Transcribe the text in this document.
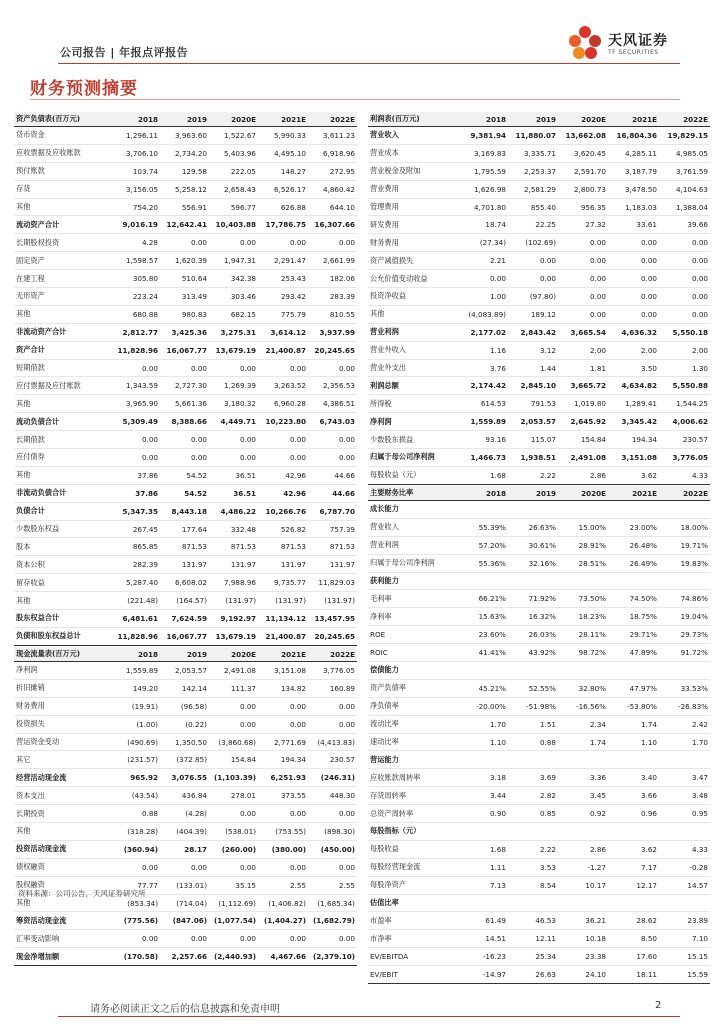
公司报告 | 年报点评报告
天风证券
TF SECURITIES
财务预测摘要
资产负债表(百万元)	2018	2019	2020E	2021E	2022E
货币资金	1,296.11	3,963.60	1,522.67	5,990.33	3,611.23
应收票据及应收账款	3,706.10	2,734.20	5,403.96	4,495.10	6,918.96
预付账款	103.74	129.58	222.05	148.27	272.95
存货	3,156.05	5,258.12	2,658.43	6,526.17	4,860.42
其他	754.20	556.91	596.77	626.88	644.10
流动资产合计	9,016.19	12,642.41	10,403.88	17,786.75	16,307.66
长期股权投资	4.28	0.00	0.00	0.00	0.00
固定资产	1,598.57	1,620.39	1,947.31	2,291.47	2,661.99
在建工程	305.80	510.64	342.38	253.43	182.06
无形资产	223.24	313.49	303.46	293.42	283.39
其他	680.88	980.83	682.15	775.79	810.55
非流动资产合计	2,812.77	3,425.36	3,275.31	3,614.12	3,937.99
资产合计	11,828.96	16,067.77	13,679.19	21,400.87	20,245.65
短期借款	0.00	0.00	0.00	0.00	0.00
应付票据及应付账款	1,343.59	2,727.30	1,269.39	3,263.52	2,356.53
其他	3,965.90	5,661.36	3,180.32	6,960.28	4,386.51
流动负债合计	5,309.49	8,388.66	4,449.71	10,223.80	6,743.03
长期借款	0.00	0.00	0.00	0.00	0.00
应付债券	0.00	0.00	0.00	0.00	0.00
其他	37.86	54.52	36.51	42.96	44.66
非流动负债合计	37.86	54.52	36.51	42.96	44.66
负债合计	5,347.35	8,443.18	4,486.22	10,266.76	6,787.70
少数股东权益	267.45	177.64	332.48	526.82	757.39
股本	865.85	871.53	871.53	871.53	871.53
资本公积	282.39	131.97	131.97	131.97	131.97
留存收益	5,287.40	6,608.02	7,988.96	9,735.77	11,829.03
其他	(221.48)	(164.57)	(131.97)	(131.97)	(131.97)
股东权益合计	6,481.61	7,624.59	9,192.97	11,134.12	13,457.95
负债和股东权益总计	11,828.96	16,067.77	13,679.19	21,400.87	20,245.65
利润表(百万元)	2018	2019	2020E	2021E	2022E
营业收入	9,381.94	11,880.07	13,662.08	16,804.36	19,829.15
营业成本	3,169.83	3,335.71	3,620.45	4,285.11	4,985.05
营业税金及附加	1,795.59	2,253.37	2,591.70	3,187.79	3,761.59
营业费用	1,626.98	2,581.29	2,800.73	3,478.50	4,104.63
管理费用	4,701.80	855.40	956.35	1,183.03	1,388.04
研发费用	18.74	22.25	27.32	33.61	39.66
财务费用	(27.34)	(102.69)	0.00	0.00	0.00
资产减值损失	2.21	0.00	0.00	0.00	0.00
公允价值变动收益	0.00	0.00	0.00	0.00	0.00
投资净收益	1.00	(97.80)	0.00	0.00	0.00
其他	(4,083.89)	189.12	0.00	0.00	0.00
营业利润	2,177.02	2,843.42	3,665.54	4,636.32	5,550.18
营业外收入	1.16	3.12	2.00	2.00	2.00
营业外支出	3.76	1.44	1.81	3.50	1.30
利润总额	2,174.42	2,845.10	3,665.72	4,634.82	5,550.88
所得税	614.53	791.53	1,019.80	1,289.41	1,544.25
净利润	1,559.89	2,053.57	2,645.92	3,345.42	4,006.62
少数股东损益	93.16	115.07	154.84	194.34	230.57
归属于母公司净利润	1,466.73	1,938.51	2,491.08	3,151.08	3,776.05
每股收益（元）	1.68	2.22	2.86	3.62	4.33
主要财务比率	2018	2019	2020E	2021E	2022E
成长能力					
营业收入	55.39%	26.63%	15.00%	23.00%	18.00%
营业利润	57.20%	30.61%	28.91%	26.48%	19.71%
归属于母公司净利润	55.36%	32.16%	28.51%	26.49%	19.83%
获利能力					
毛利率	66.21%	71.92%	73.50%	74.50%	74.86%
净利率	15.63%	16.32%	18.23%	18.75%	19.04%
ROE	23.60%	26.03%	28.11%	29.71%	29.73%
ROIC	41.41%	43.92%	98.72%	47.89%	91.72%
偿债能力					
资产负债率	45.21%	52.55%	32.80%	47.97%	33.53%
净负债率	-20.00%	-51.98%	-16.56%	-53.80%	-26.83%
流动比率	1.70	1.51	2.34	1.74	2.42
速动比率	1.10	0.88	1.74	1.10	1.70
营运能力					
应收账款周转率	3.18	3.69	3.36	3.40	3.47
存货周转率	3.44	2.82	3.45	3.66	3.48
总资产周转率	0.90	0.85	0.92	0.96	0.95
每股指标（元）					
每股收益	1.68	2.22	2.86	3.62	4.33
每股经营现金流	1.11	3.53	-1.27	7.17	-0.28
每股净资产	7.13	8.54	10.17	12.17	14.57
估值比率					
市盈率	61.49	46.53	36.21	28.62	23.89
市净率	14.51	12.11	10.18	8.50	7.10
EV/EBITDA	-16.23	25.34	23.38	17.60	15.15
EV/EBIT	-14.97	26.63	24.10	18.11	15.59
现金流量表(百万元)	2018	2019	2020E	2021E	2022E
净利润	1,559.89	2,053.57	2,491.08	3,151.08	3,776.05
折旧摊销	149.20	142.14	111.37	134.82	160.89
财务费用	(19.91)	(96.58)	0.00	0.00	0.00
投资损失	(1.00)	(0.22)	0.00	0.00	0.00
营运资金变动	(490.69)	1,350.50	(3,860.68)	2,771.69	(4,413.83)
其它	(231.57)	(372.85)	154.84	194.34	230.57
经营活动现金流	965.92	3,076.55	(1,103.39)	6,251.93	(246.31)
资本支出	(43.54)	436.84	278.01	373.55	448.30
长期投资	0.88	(4.28)	0.00	0.00	0.00
其他	(318.28)	(404.39)	(538.01)	(753.55)	(898.30)
投资活动现金流	(360.94)	28.17	(260.00)	(380.00)	(450.00)
债权融资	0.00	0.00	0.00	0.00	0.00
股权融资	77.77	(133.01)	35.15	2.55	2.55
其他	(853.34)	(714.04)	(1,112.69)	(1,406.82)	(1,685.34)
筹资活动现金流	(775.56)	(847.06)	(1,077.54)	(1,404.27)	(1,682.79)
汇率变动影响	0.00	0.00	0.00	0.00	0.00
现金净增加额	(170.58)	2,257.66	(2,440.93)	4,467.66	(2,379.10)
资料来源：公司公告，天风证券研究所
请务必阅读正文之后的信息披露和免责申明	2
